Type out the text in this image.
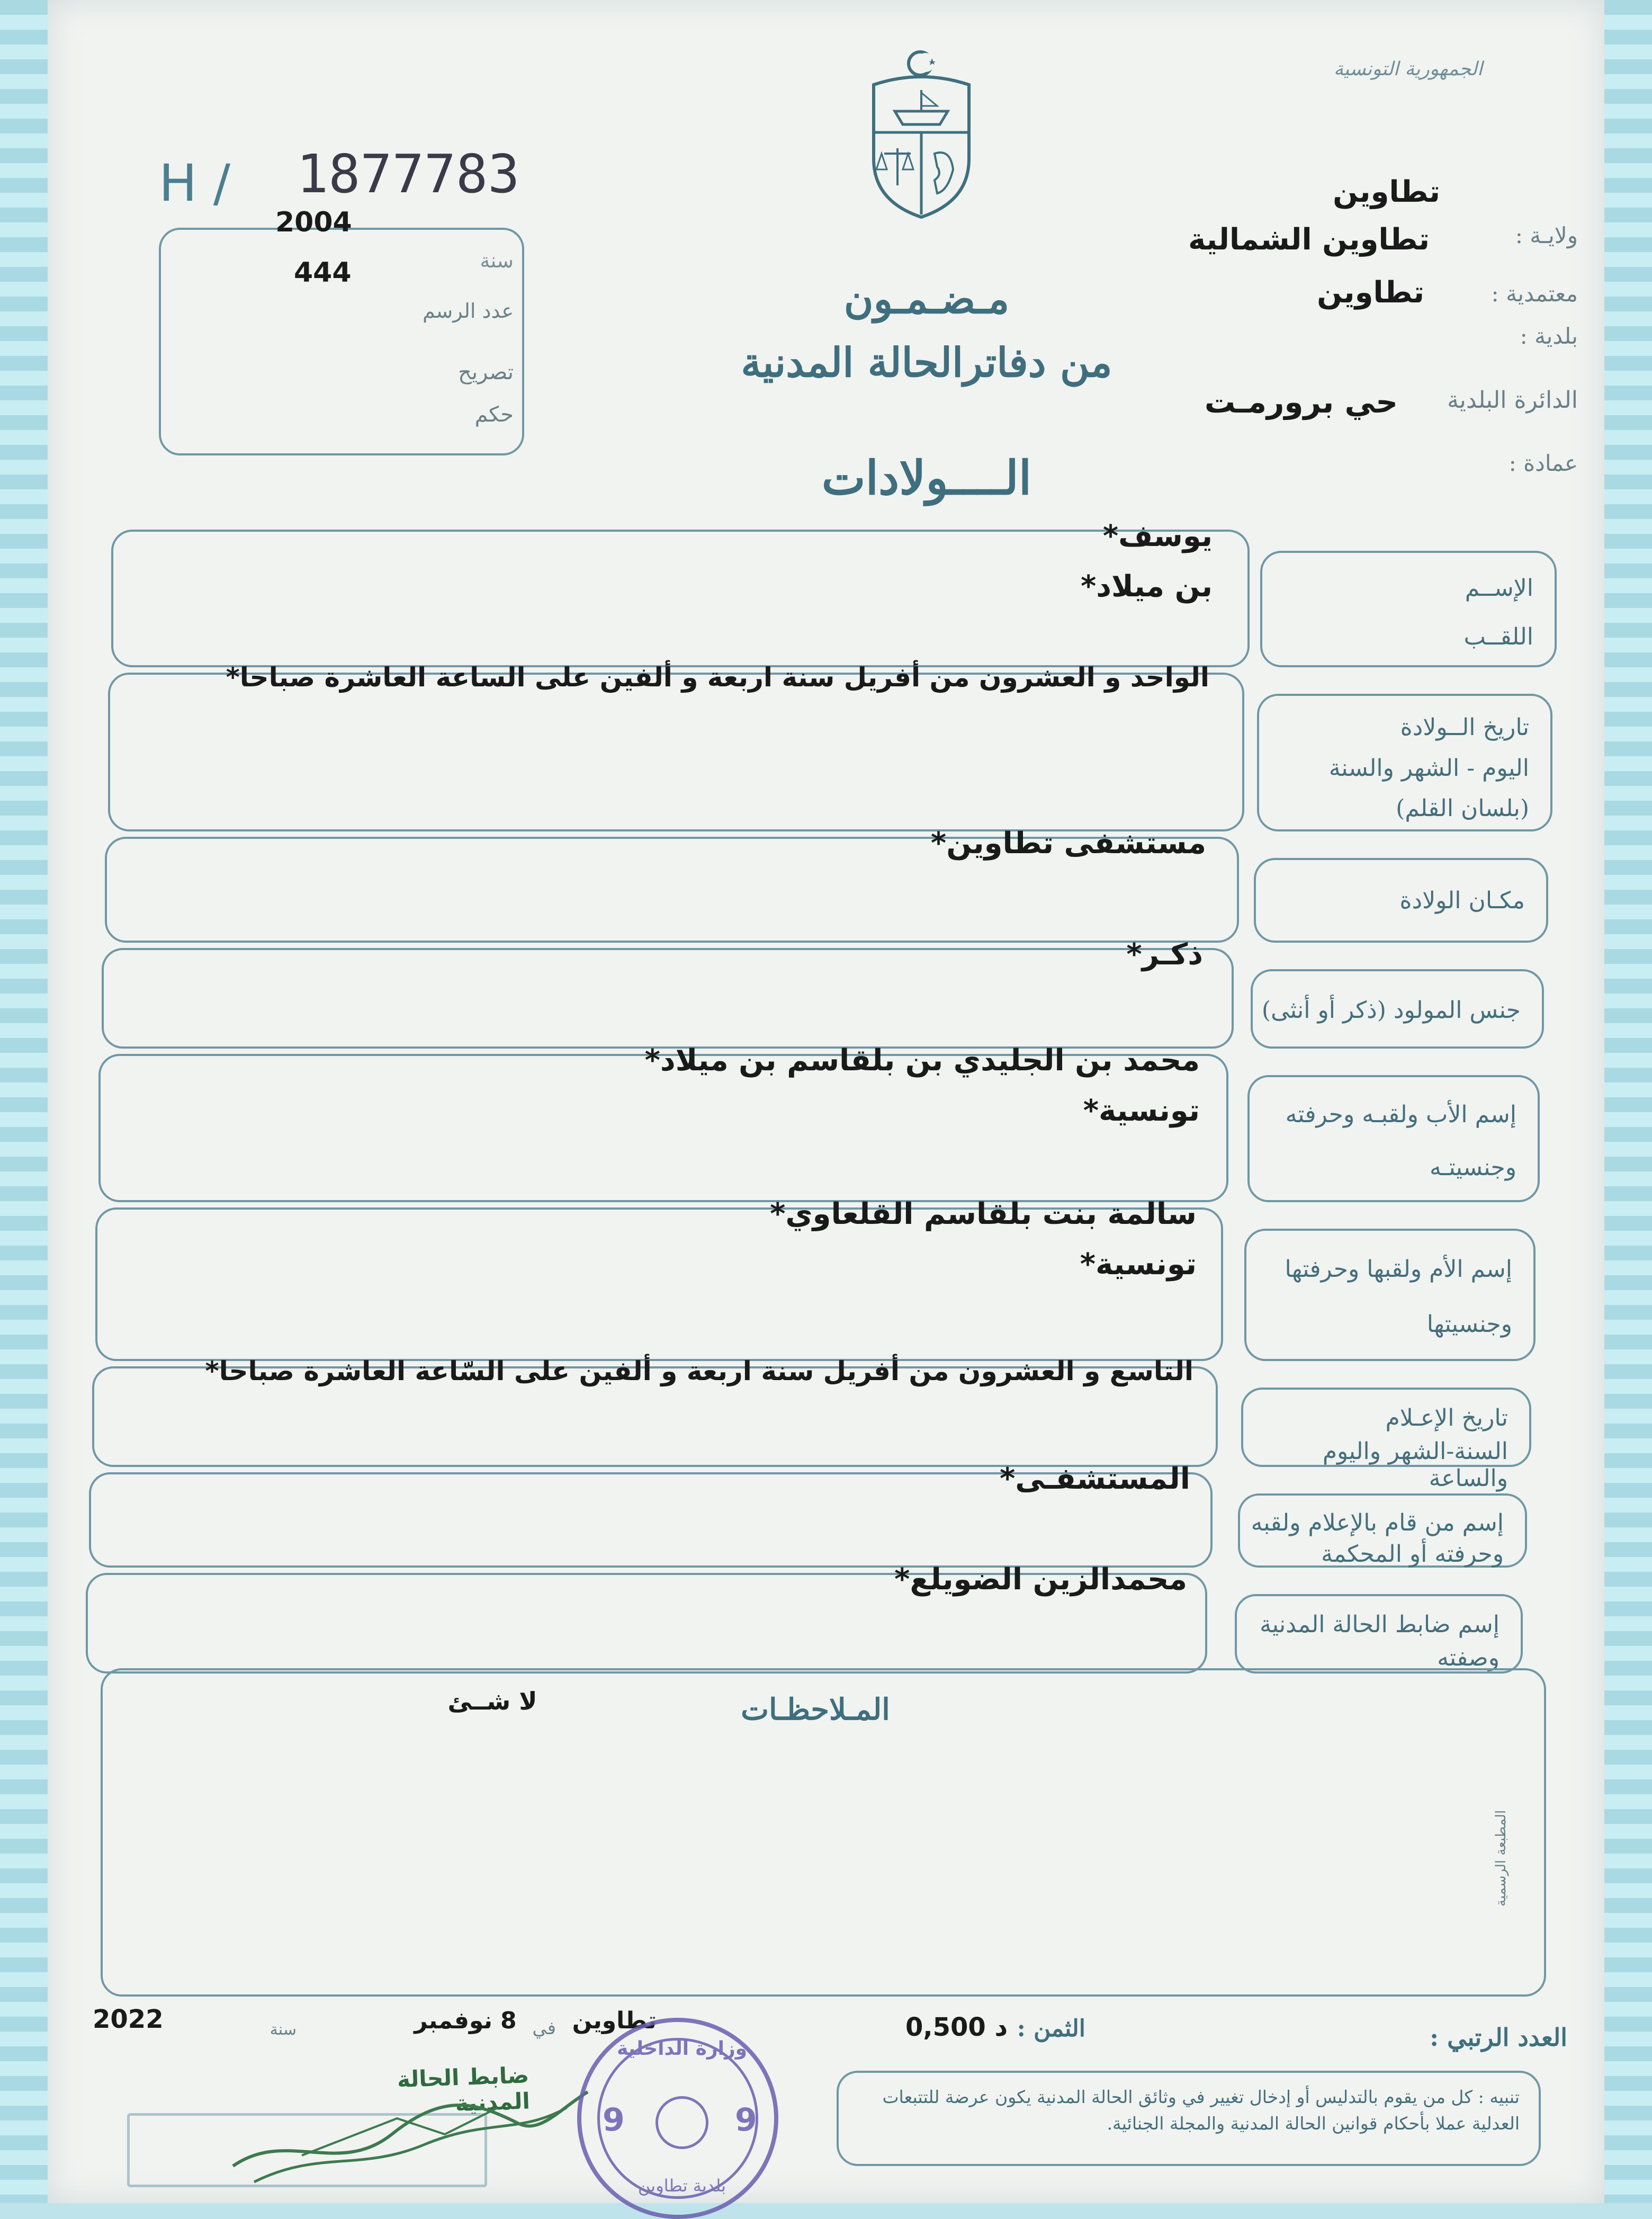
الجمهورية التونسية
H / 1877783
2004
444	سنة
عدد الرسم
تصريح
حكم
مـضـمـون
من دفاترالحالة المدنية
الــــولادات
تطاوين
ولايـة :
تطاوين الشمالية
معتمدية :
تطاوين
بلدية :
الدائرة البلدية
حي برورمـت
عمادة :
الإســم
اللقــب
يوسف*
بن ميلاد*
تاريخ الــولادة
اليوم - الشهر والسنة
(بلسان القلم)
الواحد و العشرون من أفريل سنة اربعة و ألفين على الساعة العاشرة صباحا*
مكـان الولادة
مستشفى تطاوين*
جنس المولود (ذكر أو أنثى)
ذكـر*
إسم الأب ولقبـه وحرفته
وجنسيتـه
محمد بن الجليدي بن بلقاسم بن ميلاد*
تونسية*
إسم الأم ولقبها وحرفتها
وجنسيتها
سالمة بنت بلقاسم القلعاوي*
تونسية*
تاريخ الإعـلام
السنة-الشهر واليوم والساعة
التاسع و العشرون من أفريل سنة اربعة و ألفين على السّاعة العاشرة صباحا*
إسم من قام بالإعلام ولقبه
وحرفته أو المحكمة
المستشفـى*
إسم ضابط الحالة المدنية
وصفته
محمدالزين الضويلع*
المـلاحظـات
لا شــئ
المطبعة الرسمية
العدد الرتبي :
الثمن :
0,500 د
تطاوين
في
8
نوفمبر
سنة
2022
ضابط الحالة المدنية
وزارة الداخلية
9	9
بلدية تطاوين
تنبيه : كل من يقوم بالتدليس أو إدخال تغيير في وثائق الحالة المدنية يكون عرضة للتتبعات العدلية عملا بأحكام قوانين الحالة المدنية والمجلة الجنائية.
